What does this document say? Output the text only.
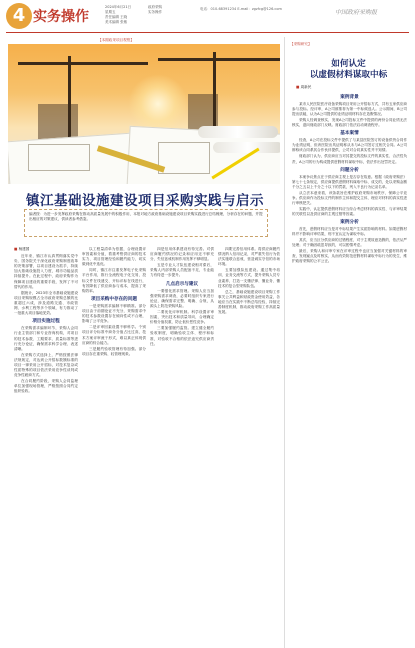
4 实务操作
2024年6月21日
星期五
责任编辑 王晓
美术编辑 张敏
政府采购
实务操作
电话：010-68391234 E-mail：zgzfcg@126.com	中国政府采购报
【本期政采项目观察】
镇江基础设施建设项目采购实践与启示
编者按：为进一步发挥政府采购在推动高质量发展中的积极作用，本报对地方政府基础设施建设项目采购实践进行总结梳理，分析存在的问题，并提出相应的对策建议，供读者参考借鉴。
■ 杨建国

近年来，镇江市认真贯彻落实党中央、国务院关于深化政府采购制度改革的决策部署，以项目建设为抓手，持续加大基础设施投入力度，城市功能品质持续提升。在此过程中，政府采购作为保障项目建设的重要手段，发挥了不可替代的作用。

据统计，2023年全市基础设施建设项目采购规模占全市政府采购总额的比重超过六成，涉及道路交通、市政管网、水利工程等多个领域，有力推动了一批重大项目落地见效。

项目实施过程

在采购需求编制环节，采购人会同行业主管部门和专业咨询机构，对项目的技术参数、工期要求、质量标准等进行充分论证，确保需求科学合理、表述清晰。

在采购方式选择上，严格按照法律法规规定，对达到公开招标数额标准的项目一律采用公开招标，对技术复杂或性质特殊的项目依法采用竞争性谈判或竞争性磋商方式。

在合同履约阶段，采购人会同监理单位加强现场管理，严格按照合同约定组织验收。

以工程量清单为依据，合理设置评审因素和分值，着重考察供应商的技术实力、项目管理经验和履约能力，切实做到优中选优。

同时，镇江市注重发挥电子化采购平台作用，推行全流程电子化交易，投标文件在线递交、开标评标在线进行，有效降低了供应商参与成本，提高了采购效率。

项目采购中存在的问题

一是采购需求编制不够精准。部分项目由于前期论证不充分，采购需求中的技术参数设置存在倾向性或不合理，影响了公平竞争。

二是评审因素设置不够科学。个别项目评分标准中商务分值占比过高，技术方案评审流于形式，难以真正体现供应商的综合能力。

三是履约验收管理有待加强。部分项目存在重采购、轻管理现象。

四是信用体系建设有待完善。对供应商履约情况的记录和应用还不够充分，失信惩戒机制作用发挥不够明显。

五是专业人才队伍建设相对滞后，采购人内部采购人员配备不足，专业能力有待进一步提升。

几点启示与建议

一要强化需求管理。采购人应当加强采购需求调查，必要时组织专家进行论证，确保需求完整、明确、合规，从源头上防范采购风险。

二要优化评审机制。科学设置评审因素，突出技术和质量导向，合理确定价格分值权重，防止低价恶性竞争。

三要加强履约监管。建立健全履约验收制度，明确验收主体、程序和标准，对验收不合格的依法追究供应商责任。

四要完善信用体系。将供应商履约情况纳入信用记录，对严重失信行为依法实施联合惩戒，营造诚实守信的市场环境。

五要加强队伍建设。通过集中培训、业务交流等方式，提升采购人员专业素养，打造一支懂法律、懂业务、懂技术的复合型采购队伍。

总之，基础设施建设项目采购工作事关公共利益和财政资金使用效益，各地应当在实践中不断总结经验，持续完善制度机制，推动政府采购工作高质量发展。

【采购研究】
如何认定
以虚假材料谋取中标
■ 周新民
案例背景

某市人民医院医疗设备采购项目采用公开招标方式，共有五家供应商参与投标。经评审，A公司被推荐为第一中标候选人。公示期间，B公司提出质疑，认为A公司提供的业绩证明材料存在造假情况。

采购人经调查核实，发现A公司投标文件中提供的两份合同业绩无法核实，遂向财政部门反映。财政部门依法启动调查程序。

基本案情

经查，A公司在投标文件中提供了与某县医院签订的设备供货合同作为业绩证明，但该医院出具证明称从未与A公司签订过相关合同。A公司辩称该合同系其合作伙伴提供，公司对合同真实性并不知情。

财政部门认为，供应商应当对其提交的投标文件的真实性、合法性负责，A公司的行为构成提供虚假材料谋取中标，依法作出处罚决定。

问题分析

本案争议焦点在于供应商主观上是否存在故意。根据《政府采购法》第七十七条规定，供应商提供虚假材料谋取中标、成交的，处以采购金额千分之五以上千分之十以下的罚款，列入不良行为记录名单。

从立法本意来看，该条款旨在维护政府采购市场秩序，保障公平竞争。供应商作为投标文件的制作主体和提交主体，理应对材料的真实性进行审核把关。

实践中，认定提供虚假材料应当综合考虑材料的真实性、与评审结果的关联性以及供应商的主观过错等因素。

案例分析

首先，虚假材料应当是对中标结果产生实质影响的材料。如果虚假材料并不影响评审结果，则不宜认定为谋取中标。

其次，应当区分供应商的过错程度，对于主观故意造假的，依法从严处理；对于确因疏忽导致的，可以酌情考虑。

最后，采购人和评审专家在评审过程中也应当加强对关键材料的审查，发现疑点及时核实，从而有效防范虚假材料谋取中标行为的发生，维护政府采购的公平公正。
